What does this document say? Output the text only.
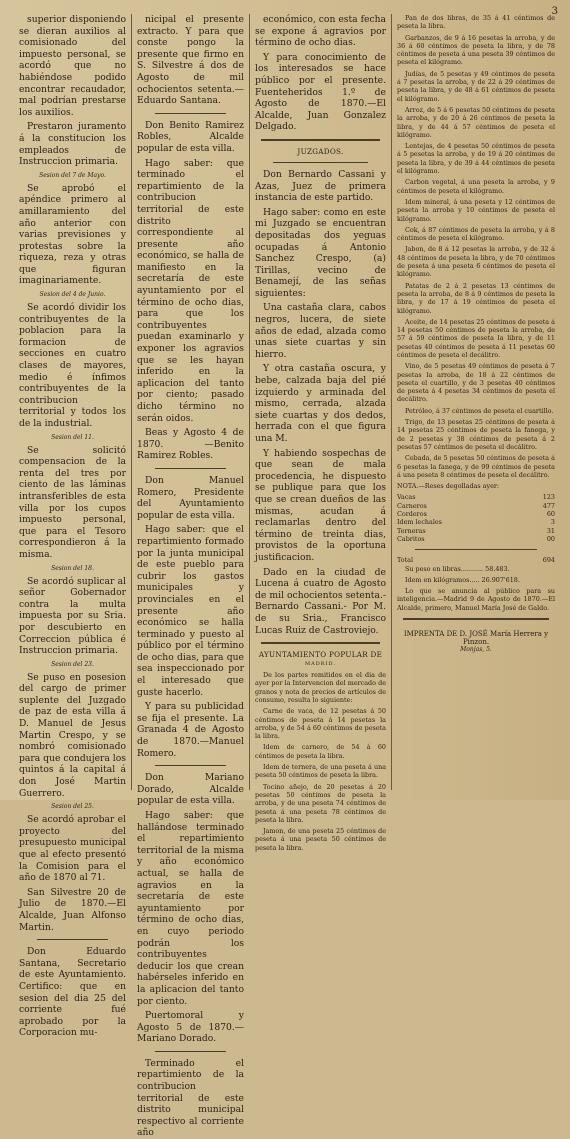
3

superior disponiendo se dieran auxilios al comisionado del impuesto personal, se acordó que no habiéndose podido encontrar recaudador, mal podrían prestarse los auxilios.

Prestaron juramento á la constitucion los empleados de Instruccion primaria.

Sesion del 7 de Mayo.

Se aprobó el apéndice primero al amillaramiento del año anterior con varias previsiones y protestas sobre la riqueza, reza y otras que figuran imaginariamente.

Sesion del 4 de Junio.

Se acordó dividir los contribuyentes de la poblacion para la formacion de secciones en cuatro clases de mayores, medio é ínfimos contribuyentes de la contribucion territorial y todos los de la industrial.

Sesion del 11.

Se solicitó compensacion de la renta del tres por ciento de las láminas intransferibles de esta villa por los cupos impuesto personal, que para el Tesoro correspondieron á la misma.

Sesion del 18.

Se acordó suplicar al señor Gobernador contra la multa impuesta por su Sria. por descubierto en Correccion pública é Instruccion primaria.

Sesion del 23.

Se puso en posesion del cargo de primer suplente del Juzgado de paz de esta villa á D. Manuel de Jesus Martin Crespo, y se nombró comisionado para que condujera los quintos á la capital á don José Martin Guerrero.

Sesion del 25.

Se acordó aprobar el proyecto del presupuesto municipal que al efecto presentó la Comision para el año de 1870 al 71.

San Silvestre 20 de Julio de 1870.—El Alcalde, Juan Alfonso Martin.

Don Eduardo Santana, Secretario de este Ayuntamiento. Certifico: que en sesion del dia 25 del corriente fué aprobado por la Corporacion mu-

nicipal el presente extracto. Y para que conste pongo la presente que firmo en S. Silvestre á dos de Agosto de mil ochocientos setenta.—Eduardo Santana.

Don Benito Ramirez Robles, Alcalde popular de esta villa.

Hago saber: que terminado el repartimiento de la contribucion territorial de este distrito correspondiente al presente año económico, se halla de manifiesto en la secretaría de este ayuntamiento por el término de ocho dias, para que los contribuyentes puedan examinarlo y exponer los agravios que se les hayan inferido en la aplicacion del tanto por ciento; pasado dicho término no serán oidos.

Beas y Agosto 4 de 1870. —Benito Ramirez Robles.

Don Manuel Romero, Presidente del Ayuntamiento popular de esta villa.

Hago saber: que el repartimiento formado por la junta municipal de este pueblo para cubrir los gastos municipales y provinciales en el presente año económico se halla terminado y puesto al público por el término de ocho dias, para que sea inspeccionado por el interesado que guste hacerlo.

Y para su publicidad se fija el presente. La Granada 4 de Agosto de 1870.—Manuel Romero.

Don Mariano Dorado, Alcalde popular de esta villa.

Hago saber: que hallándose terminado el repartimiento territorial de la misma y año económico actual, se halla de agravios en la secretaría de este ayuntamiento por término de ocho dias, en cuyo periodo podrán los contribuyentes deducir los que crean habérseles inferido en la aplicacion del tanto por ciento.

Puertomoral y Agosto 5 de 1870.—Mariano Dorado.

Terminado el repartimiento de la contribucion territorial de este distrito municipal respectivo al corriente año

económico, con esta fecha se expone á agravios por término de ocho dias.

Y para conocimiento de los interesados se hace público por el presente. Fuenteheridos 1.º de Agosto de 1870.—El Alcalde, Juan Gonzalez Delgado.

JUZGADOS.

Don Bernardo Cassani y Azas, Juez de primera instancia de este partido.

Hago saber: como en este mi Juzgado se encuentran depositadas dos yeguas ocupadas á Antonio Sanchez Crespo, (a) Tirillas, vecino de Benamejí, de las señas siguientes:

Una castaña clara, cabos negros, lucera, de siete años de edad, alzada como unas siete cuartas y sin hierro.

Y otra castaña oscura, y bebe, calzada baja del pié izquierdo y arminada del mismo, cerrada, alzada siete cuartas y dos dedos, herrada con el que figura una M.

Y habiendo sospechas de que sean de mala procedencia, he dispuesto se publique para que los que se crean dueños de las mismas, acudan á reclamarlas dentro del término de treinta dias, provistos de la oportuna justificacion.

Dado en la ciudad de Lucena á cuatro de Agosto de mil ochocientos setenta.- Bernardo Cassani.- Por M. de su Sria., Francisco Lucas Ruiz de Castroviejo.

AYUNTAMIENTO POPULAR DE

MADRID.

De los partes remitidos en el dia de ayer por la Intervencion del mercado de granos y nota de precios de artículos de consumo, resulta lo siguiente:

Carne de vaca, de 12 pesetas á 50 céntimos de peseta á 14 pesetas la arroba, y de 54 á 60 céntimos de peseta la libra.

Idem de carnero, de 54 á 60 céntimos de peseta la libra.

Idem de ternera, de una peseta á una peseta 50 céntimos de peseta la libra.

Tocino añejo, de 20 pesetas á 20 pesetas 50 céntimos de peseta la arroba, y de una peseta 74 céntimos de peseta á una peseta 78 céntimos de peseta la libra.

Jamon, de una peseta 25 céntimos de peseta á una peseta 50 céntimos de peseta la libra.

Pan de dos libras, de 35 á 41 céntimos de peseta la libra.

Garbanzos, de 9 á 16 pesetas la arroba, y de 36 á 60 céntimos de peseta la libra, y de 78 céntimos de peseta á una peseta 39 céntimos de peseta el kilógramo.

Judías, de 5 pesetas y 49 céntimos de peseta á 7 pesetas la arroba, y de 22 á 29 céntimos de peseta la libra, y de 48 á 61 céntimos de peseta el kilógramo.

Arroz, de 5 á 6 pesetas 50 céntimos de peseta la arroba, y de 20 á 26 céntimos de peseta la libra, y de 44 á 57 céntimos de peseta el kilógramo.

Lentejas, de 4 pesetas 50 céntimos de peseta á 5 pesetas la arroba, y de 19 á 20 céntimos de peseta la libra, y de 39 á 44 céntimos de peseta el kilógramo.

Carbon vegetal, á una peseta la arroba, y 9 céntimos de peseta el kilógramo.

Idem mineral, á una peseta y 12 céntimos de peseta la arroba y 10 céntimos de peseta el kilógramo.

Cok, á 87 céntimos de peseta la arroba, y á 8 céntimos de peseta el kilógramo.

Jabon, de 8 á 12 pesetas la arroba, y de 32 á 48 céntimos de peseta la libra, y de 70 céntimos de peseta á una peseta 6 céntimos de peseta el kilógramo.

Patatas de 2 á 2 pesetas 13 céntimos de peseta la arroba, de 8 á 9 céntimos de peseta la libra, y de 17 á 19 céntimos de peseta el kilógramo.

Aceite, de 14 pesetas 25 céntimos de peseta á 14 pesetas 50 céntimos de peseta la arroba, de 57 á 59 céntimos de peseta la libra, y de 11 pesetas 40 céntimos de peseta á 11 pesetas 60 céntimos de peseta el decálitro.

Vino, de 5 pesetas 49 céntimos de peseta á 7 pesetas la arroba, de 18 á 22 céntimos de peseta el cuartillo, y de 3 pesetas 40 céntimos de peseta á 4 pesetas 34 céntimos de peseta el decálitro.

Petróleo, á 37 céntimos de peseta el cuartillo.

Trigo, de 13 pesetas 25 céntimos de peseta á 14 pesetas 25 céntimos de peseta la fanega, y de 2 pesetas y 38 céntimos de peseta á 2 pesetas 57 céntimos de peseta el decálitro.

Cebada, de 5 pesetas 50 céntimos de peseta á 6 pesetas la fanega, y de 99 céntimos de peseta á una peseta 8 céntimos de peseta el decálitro.

NOTA.—Reses degolladas ayer:

Vacas	123
Carneros	477
Corderos	60
Idem lechales	3
Terneras	31
Cabritos	00
Total	694

Su peso en libras........... 58.483.

Idem en kilógramos..... 26.907'618.

Lo que se anuncia al público para su inteligencia.—Madrid 9 de Agosto de 1870.—El Alcalde, primero, Manuel María José de Galdo.

IMPRENTA DE D. JOSÉ María Herrera y Pinzon.

Monjas, 5.
